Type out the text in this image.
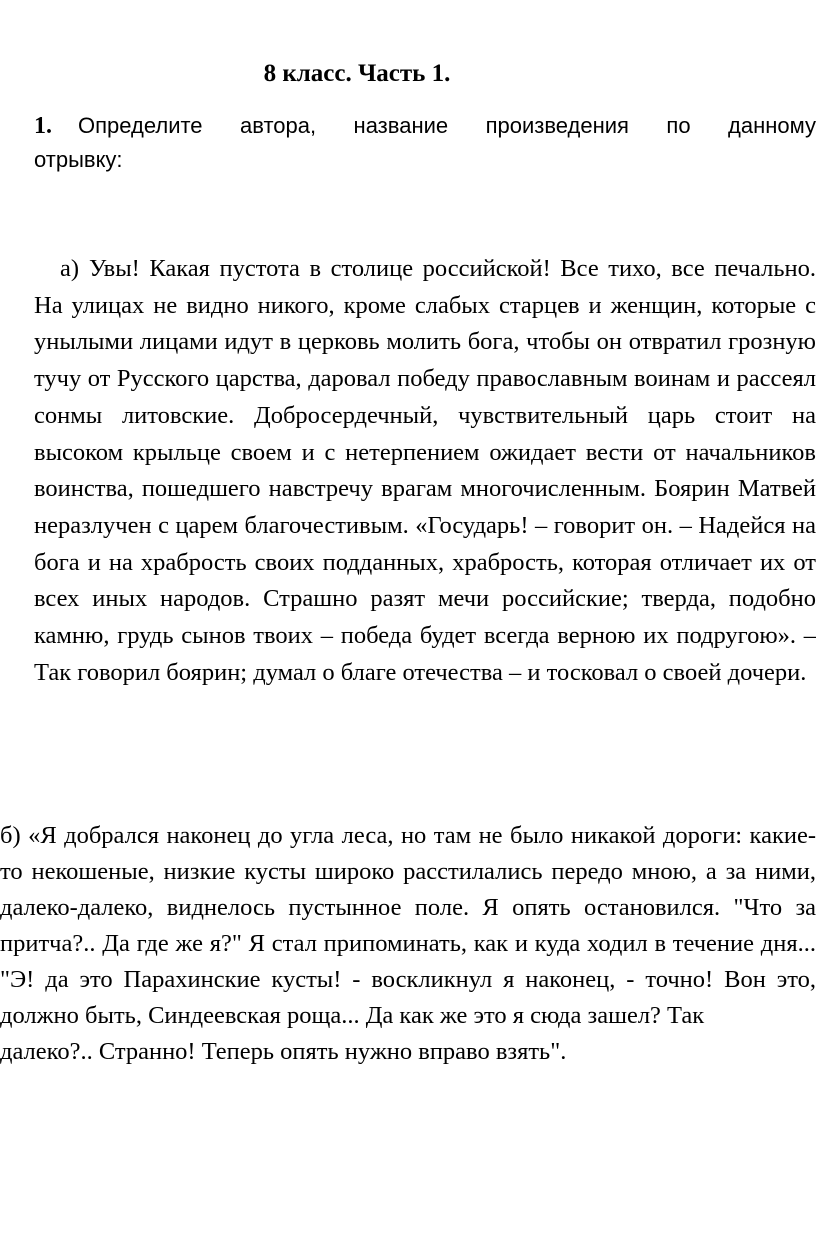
8 класс. Часть 1.

1. Определите автора, название произведения по данному отрывку:

а) Увы! Какая пустота в столице российской! Все тихо, все печально. На улицах не видно никого, кроме слабых старцев и женщин, которые с унылыми лицами идут в церковь молить бога, чтобы он отвратил грозную тучу от Русского царства, даровал победу православным воинам и рассеял сонмы литовские. Добросердечный, чувствительный царь стоит на высоком крыльце своем и с нетерпением ожидает вести от начальников воинства, пошедшего навстречу врагам многочисленным. Боярин Матвей неразлучен с царем благочестивым. «Государь! – говорит он. – Надейся на бога и на храбрость своих подданных, храбрость, которая отличает их от всех иных народов. Страшно разят мечи российские; тверда, подобно камню, грудь сынов твоих – победа будет всегда верною их подругою». – Так говорил боярин; думал о благе отечества – и тосковал о своей дочери.

б) «Я добрался наконец до угла леса, но там не было никакой дороги: какие-то некошеные, низкие кусты широко расстилались передо мною, а за ними, далеко-далеко, виднелось пустынное поле. Я опять остановился. "Что за притча?.. Да где же я?" Я стал припоминать, как и куда ходил в течение дня... "Э! да это Парахинские кусты! - воскликнул я наконец, - точно! Вон это, должно быть, Синдеевская роща... Да как же это я сюда зашел? Так
далеко?.. Странно! Теперь опять нужно вправо взять".
